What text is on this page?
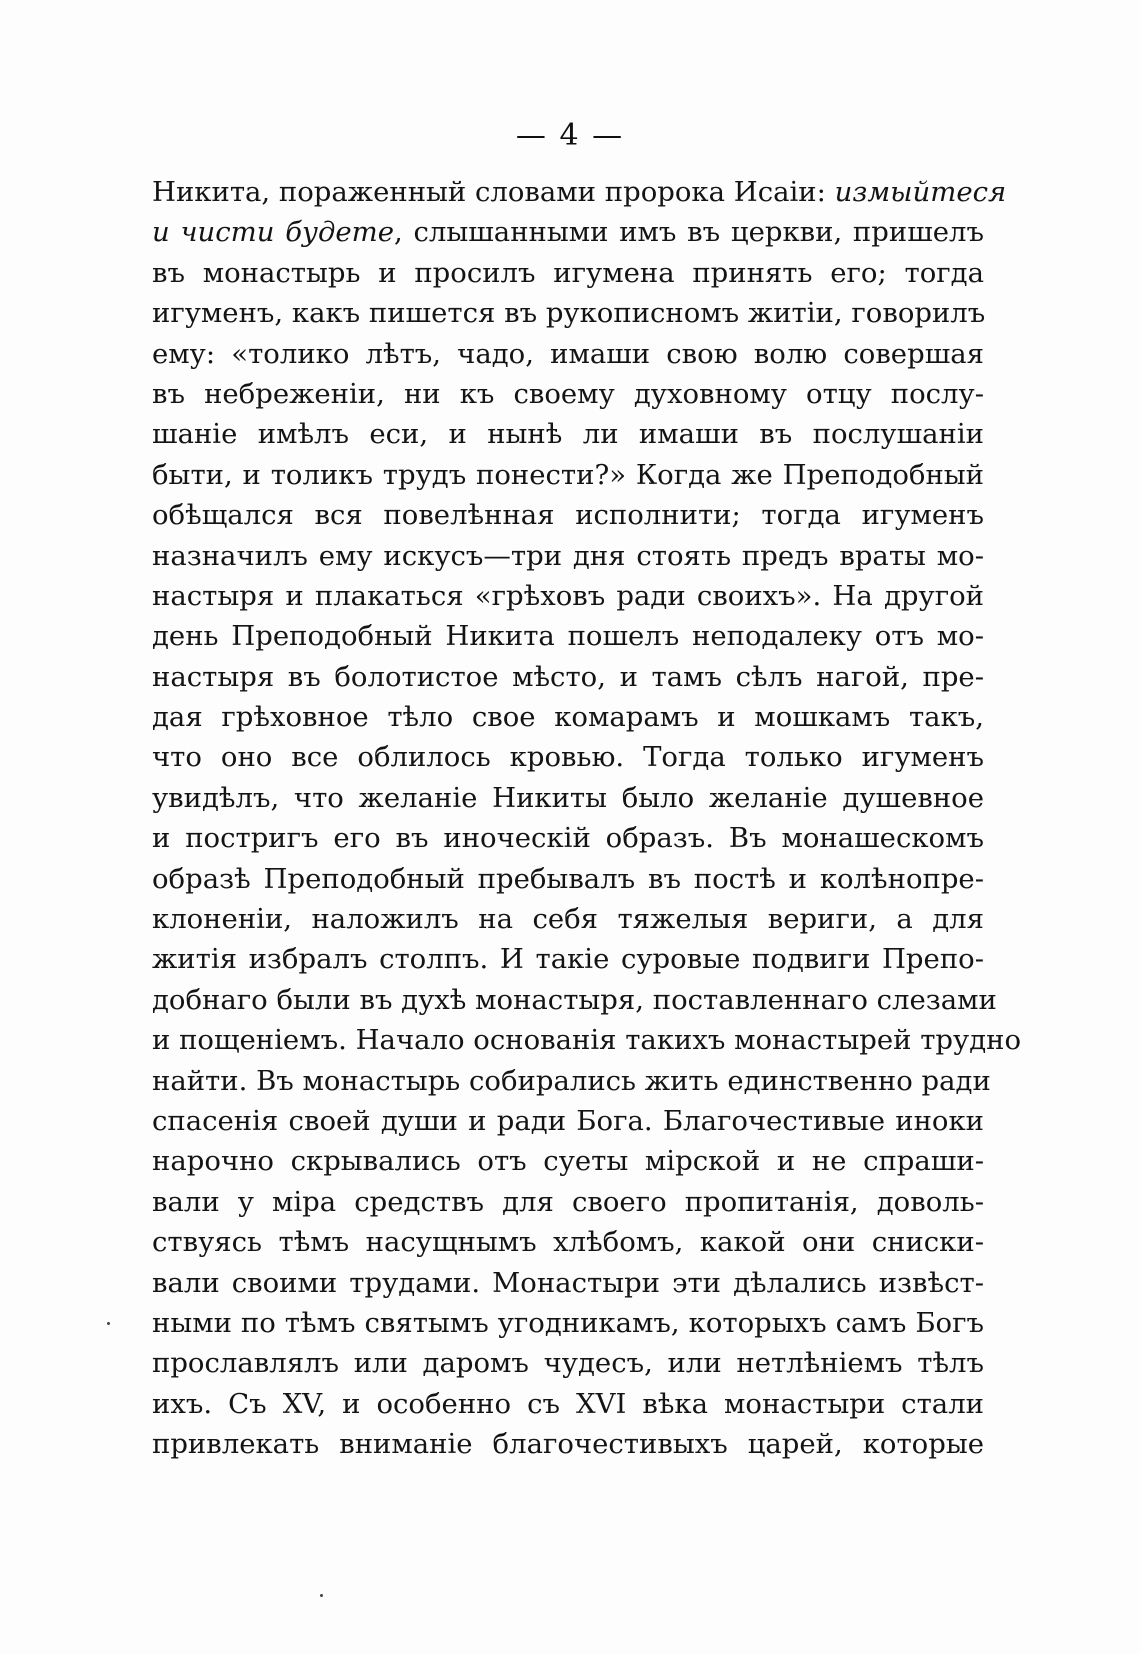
— 4 —
Никита, пораженный словами пророка Исаіи: измыйтеся
и чисти будете, слышанными имъ въ церкви, пришелъ
въ монастырь и просилъ игумена принять его; тогда
игуменъ, какъ пишется въ рукописномъ житіи, говорилъ
ему: «толико лѣтъ, чадо, имаши свою волю совершая
въ небреженіи, ни къ своему духовному отцу послу-
шаніе имѣлъ еси, и нынѣ ли имаши въ послушаніи
быти, и толикъ трудъ понести?» Когда же Преподобный
обѣщался вся повелѣнная исполнити; тогда игуменъ
назначилъ ему искусъ—три дня стоять предъ враты мо-
настыря и плакаться «грѣховъ ради своихъ». На другой
день Преподобный Никита пошелъ неподалеку отъ мо-
настыря въ болотистое мѣсто, и тамъ сѣлъ нагой, пре-
дая грѣховное тѣло свое комарамъ и мошкамъ такъ,
что оно все облилось кровью. Тогда только игуменъ
увидѣлъ, что желаніе Никиты было желаніе душевное
и постригъ его въ иноческій образъ. Въ монашескомъ
образѣ Преподобный пребывалъ въ постѣ и колѣнопре-
клоненіи, наложилъ на себя тяжелыя вериги, а для
житія избралъ столпъ. И такіе суровые подвиги Препо-
добнаго были въ духѣ монастыря, поставленнаго слезами
и пощеніемъ. Начало основанія такихъ монастырей трудно
найти. Въ монастырь собирались жить единственно ради
спасенія своей души и ради Бога. Благочестивые иноки
нарочно скрывались отъ суеты мірской и не спраши-
вали у міра средствъ для своего пропитанія, доволь-
ствуясь тѣмъ насущнымъ хлѣбомъ, какой они сниски-
вали своими трудами. Монастыри эти дѣлались извѣст-
ными по тѣмъ святымъ угодникамъ, которыхъ самъ Богъ
прославлялъ или даромъ чудесъ, или нетлѣніемъ тѣлъ
ихъ. Съ XV, и особенно съ XVI вѣка монастыри стали
привлекать вниманіе благочестивыхъ царей, которые
